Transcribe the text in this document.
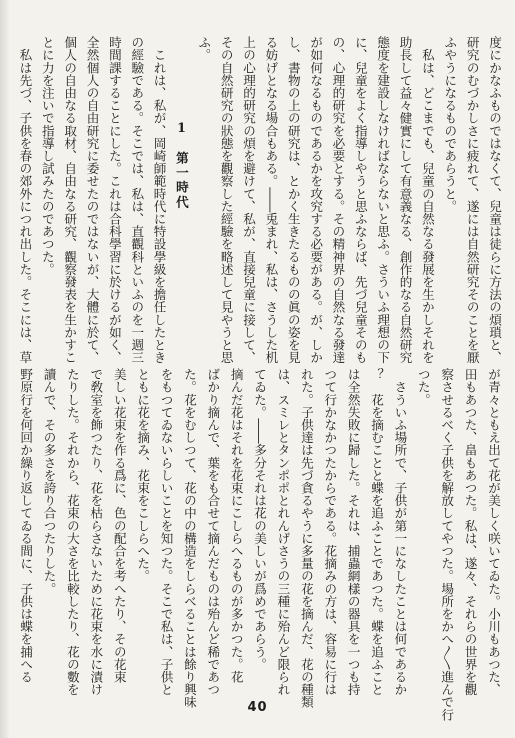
度にかなふものではなくて、兒童は徒らに方法の煩瑣と、
研究のむづかしさに疲れて、遂には自然研究そのことを厭
ふやうになるものであらうと。
　私は、どこまでも、兒童の自然なる發展を生かしそれを
助長して益々健實にして有意義なる、創作的なる自然研究
態度を建設しなければならないと思ふ。さういふ理想の下
に、兒童をよく指導しやうと思ふならば、先づ兒童そのも
の、心理的研究を必要とする。その精神界の自然なる發達
が如何なるものであるかを攻究する必要がある。が、しか
し、書物の上の研究は、とかく生きたるものの眞の姿を見
る妨げとなる場合もある。――兎まれ、私は、さうした机
上の心理的研究の煩を避けて、私が、直接兒童に接して、
その自然研究の狀態を觀察した經驗を略述して見やうと思
ふ。
1 第一時代
　これは、私が、岡崎師範時代に特設學級を擔任したとき
の經驗である。そこでは、私は、直觀科といふのを一週三
時間課することにした。これは合科學習に於けるが如く、
全然個人の自由研究に委せたのではないが、大體に於て、
個人の自由なる取材、自由なる研究、觀察發表を生かすこ
とに力を注いで指導し試みたのであつた。
　私は先づ、子供を春の郊外につれ出した。そこには、草
が青々ともえ出て花が美しく咲いてゐた。小川もあつた、
田もあつた、畠もあつた。私は、遂々、それらの世界を觀
察させるべく子供を解放してやつた。場所をかへ〳〵進んで行
つた。
　さういふ場所で、子供が第一になしたことは何であるか
？　花を摘むことと蝶を追ふことであつた。蝶を追ふこと
は全然失敗に歸した。それは、捕蟲網樣の器具を一つも持
つて行かなかつたからである。花摘みの方は、容易に行は
れた。子供達は先づ貪るやうに多量の花を摘んだ、花の種類
は、スミレとタンポポとれんげさうの三種に殆んど限られ
てゐた。――多分それは花の美しいが爲めであらう。
摘んだ花はそれを花束にこしらへるものが多かつた。花
ばかり摘んで、葉をも合せて摘んだものは殆んど稀であつ
た。花をむしつて、花の中の構造をしらべることは餘り興味
をもつてゐないらしいことを知つた。そこで私は、子供と
ともに花を摘み、花束をこしらへた。
美しい花束を作る爲に、色の配合を考へたり、その花束
で敎室を飾つたり、花を枯らさないために花束を水に漬け
たりした。それから、花束の大さを比較したり、花の數を
讀んで、その多さを誇り合つたりした。
野原行を何回か繰り返してゐる間に、子供は蝶を捕へる
40
